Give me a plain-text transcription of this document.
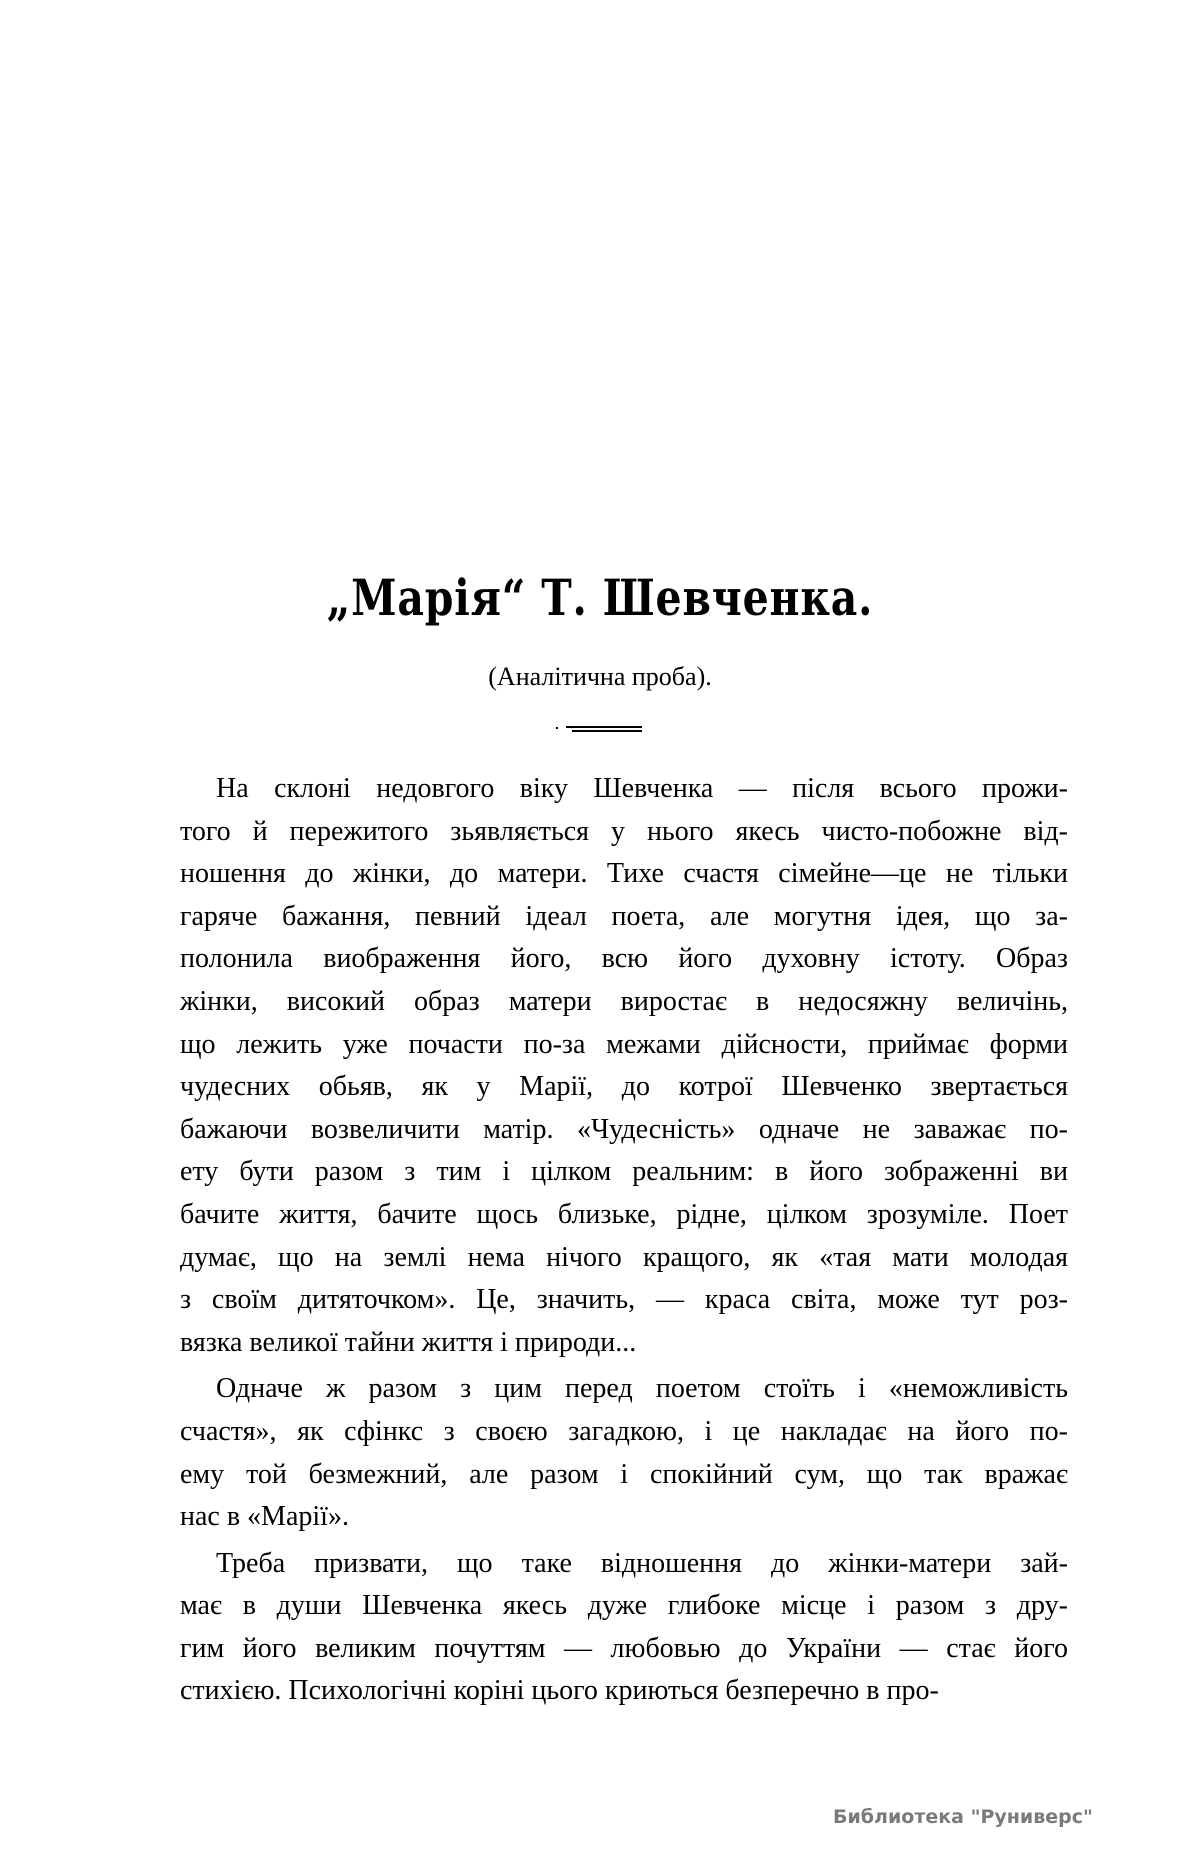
„Марія“ Т. Шевченка.
(Аналітична проба).
На склоні недовгого віку Шевченка — після всього прожи-
того й пережитого зьявляється у нього якесь чисто-побожне від-
ношення до жінки, до матери. Тихе счастя сімейне—це не тільки
гаряче бажання, певний ідеал поета, але могутня ідея, що за-
полонила виображення його, всю його духовну істоту. Образ
жінки, високий образ матери виростає в недосяжну величінь,
що лежить уже почасти по-за межами дійсности, приймає форми
чудесних обьяв, як у Марії, до котрої Шевченко звертається
бажаючи возвеличити матір. «Чудесність» одначе не заважає по-
ету бути разом з тим і цілком реальним: в його зображенні ви
бачите життя, бачите щось близьке, рідне, цілком зрозуміле. Поет
думає, що на землі нема нічого кращого, як «тая мати молодая
з своїм дитяточком». Це, значить, — краса світа, може тут роз-
вязка великої тайни життя і природи...
Одначе ж разом з цим перед поетом стоїть і «неможливість
счастя», як сфінкс з своєю загадкою, і це накладає на його по-
ему той безмежний, але разом і спокійний сум, що так вражає
нас в «Марії».
Треба призвати, що таке відношення до жінки-матери зай-
має в души Шевченка якесь дуже глибоке місце і разом з дру-
гим його великим почуттям — любовью до України — стає його
стихією. Психологічні коріні цього криються безперечно в про-
Библиотека "Руниверс"
